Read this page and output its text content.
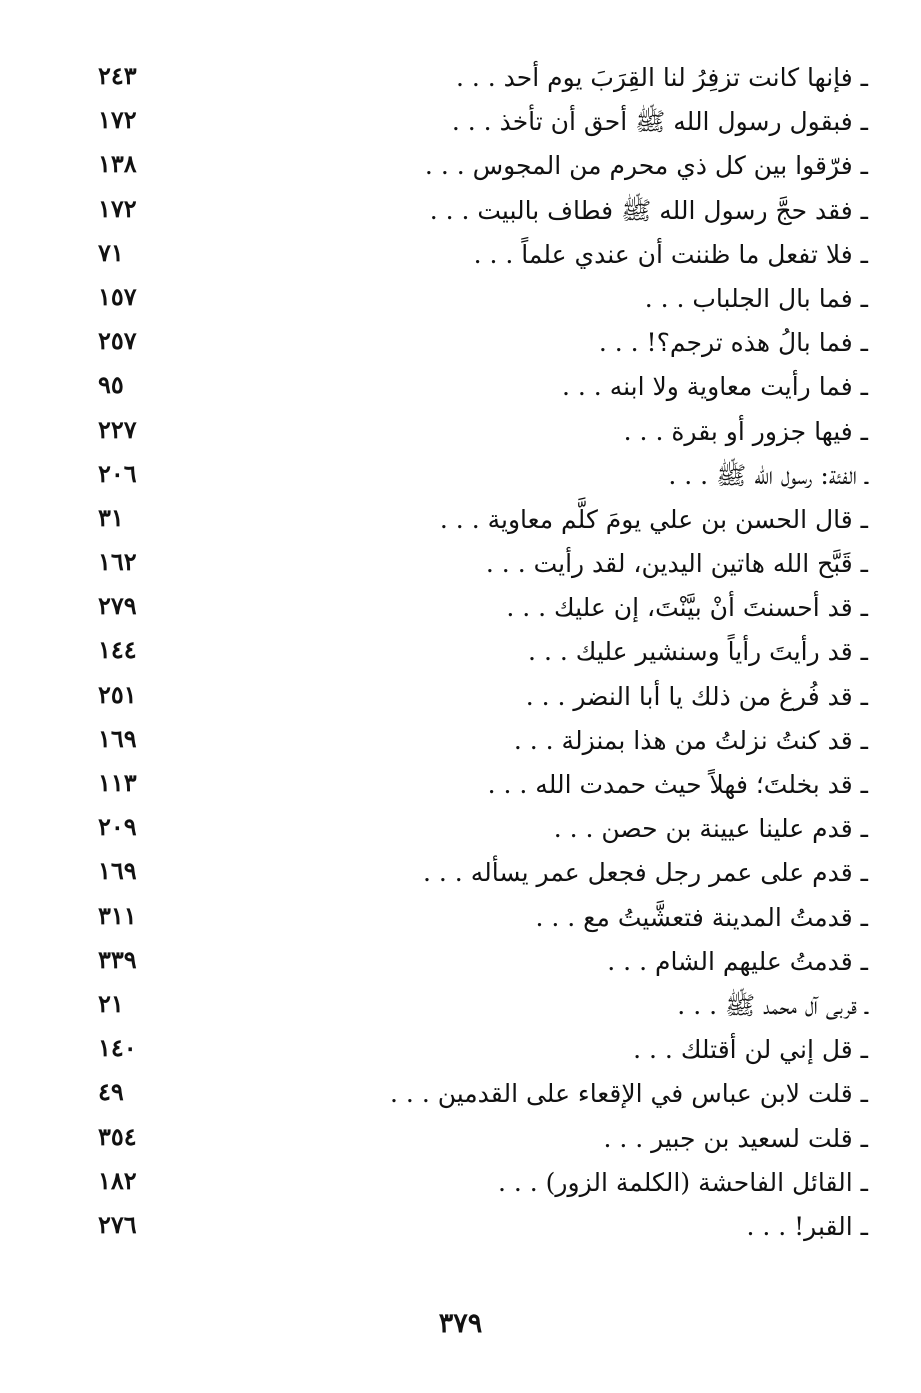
ـ فإنها كانت تزفِرُ لنا القِرَبَ يوم أحد . . .
٢٤٣
ـ فبقول رسول الله ﷺ أحق أن تأخذ . . .
١٧٢
ـ فرّقوا بين كل ذي محرم من المجوس . . .
١٣٨
ـ فقد حجَّ رسول الله ﷺ فطاف بالبيت . . .
١٧٢
ـ فلا تفعل ما ظننت أن عندي علماً . . .
٧١
ـ فما بال الجلباب . . .
١٥٧
ـ فما بالُ هذه ترجم؟! . . .
٢٥٧
ـ فما رأيت معاوية ولا ابنه . . .
٩٥
ـ فيها جزور أو بقرة . . .
٢٢٧
ـ الفئة: رسول الله ﷺ . . .
٢٠٦
ـ قال الحسن بن علي يومَ كلَّم معاوية . . .
٣١
ـ قَبَّح الله هاتين اليدين، لقد رأيت . . .
١٦٢
ـ قد أحسنتَ أنْ بيَّنْتَ، إن عليك . . .
٢٧٩
ـ قد رأيتَ رأياً وسنشير عليك . . .
١٤٤
ـ قد فُرغ من ذلك يا أبا النضر . . .
٢٥١
ـ قد كنتُ نزلتُ من هذا بمنزلة . . .
١٦٩
ـ قد بخلتَ؛ فهلاً حيث حمدت الله . . .
١١٣
ـ قدم علينا عيينة بن حصن . . .
٢٠٩
ـ قدم على عمر رجل فجعل عمر يسأله . . .
١٦٩
ـ قدمتُ المدينة فتعشَّيتُ مع . . .
٣١١
ـ قدمتُ عليهم الشام . . .
٣٣٩
ـ قربى آل محمد ﷺ . . .
٢١
ـ قل إني لن أقتلك . . .
١٤٠
ـ قلت لابن عباس في الإقعاء على القدمين . . .
٤٩
ـ قلت لسعيد بن جبير . . .
٣٥٤
ـ القائل الفاحشة (الكلمة الزور) . . .
١٨٢
ـ القبر! . . .
٢٧٦
٣٧٩
